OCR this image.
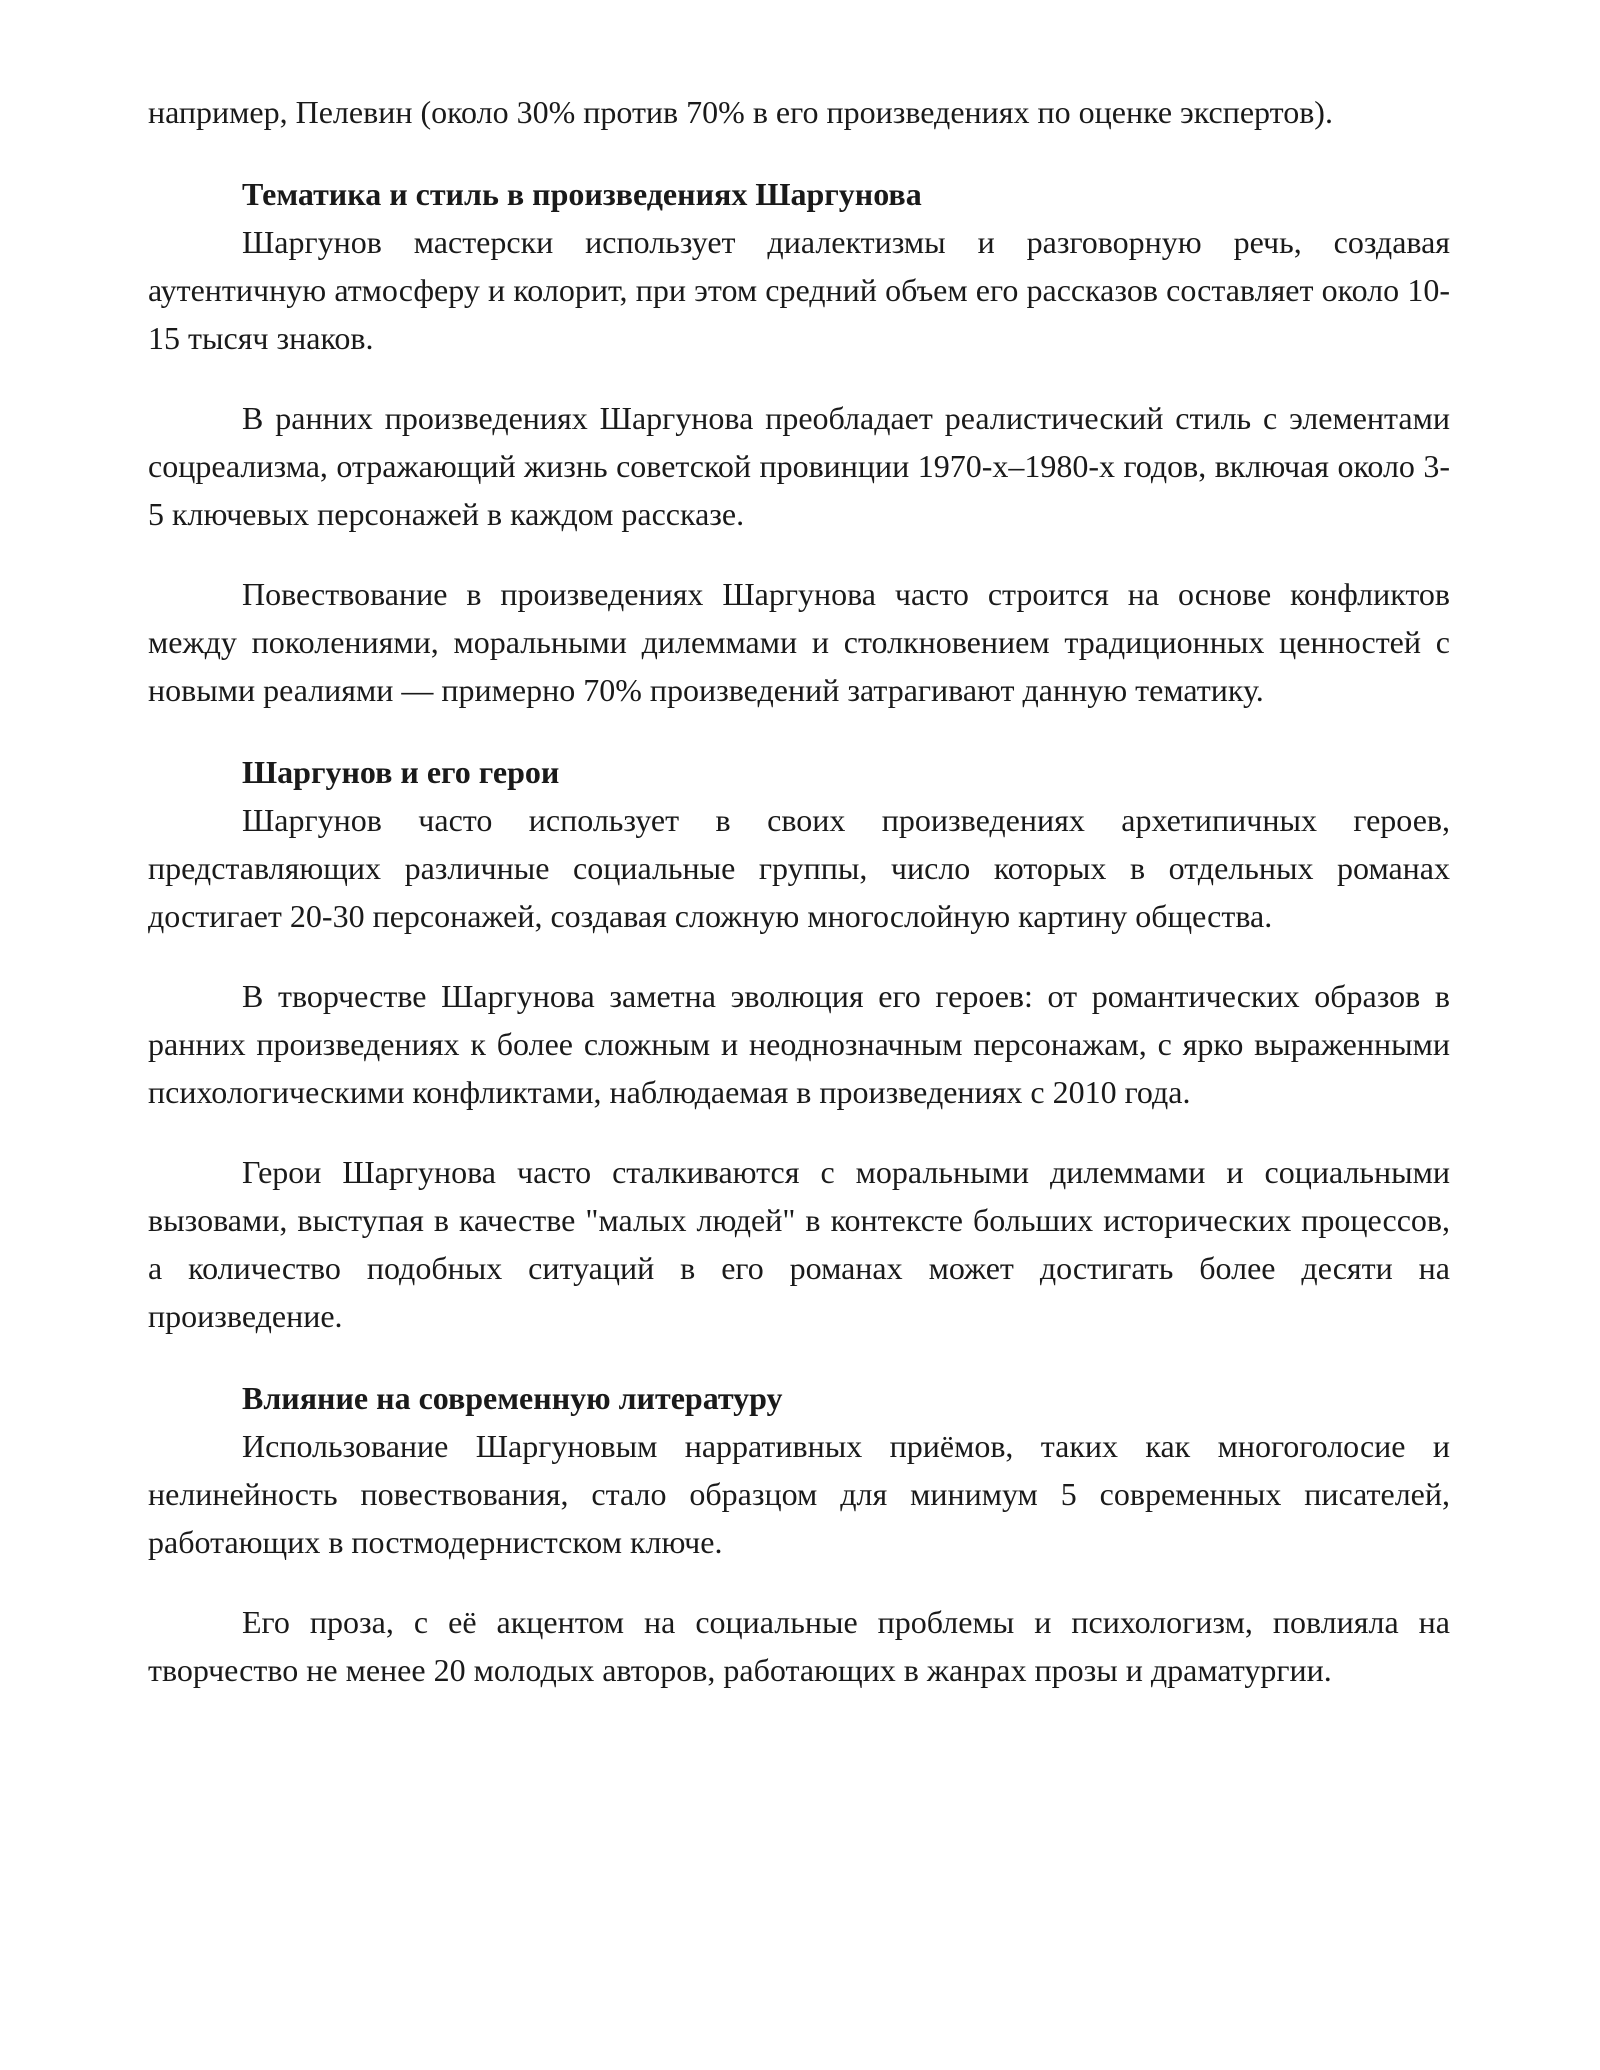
например, Пелевин (около 30% против 70% в его произведениях по оценке экспертов).

Тематика и стиль в произведениях Шаргунова

Шаргунов мастерски использует диалектизмы и разговорную речь, создавая аутентичную атмосферу и колорит, при этом средний объем его рассказов составляет около 10-15 тысяч знаков.

В ранних произведениях Шаргунова преобладает реалистический стиль с элементами соцреализма, отражающий жизнь советской провинции 1970-х–1980-х годов, включая около 3-5 ключевых персонажей в каждом рассказе.

Повествование в произведениях Шаргунова часто строится на основе конфликтов между поколениями, моральными дилеммами и столкновением традиционных ценностей с новыми реалиями — примерно 70% произведений затрагивают данную тематику.

Шаргунов и его герои

Шаргунов часто использует в своих произведениях архетипичных героев, представляющих различные социальные группы, число которых в отдельных романах достигает 20-30 персонажей, создавая сложную многослойную картину общества.

В творчестве Шаргунова заметна эволюция его героев: от романтических образов в ранних произведениях к более сложным и неоднозначным персонажам, с ярко выраженными психологическими конфликтами, наблюдаемая в произведениях с 2010 года.

Герои Шаргунова часто сталкиваются с моральными дилеммами и социальными вызовами, выступая в качестве "малых людей" в контексте больших исторических процессов, а количество подобных ситуаций в его романах может достигать более десяти на произведение.

Влияние на современную литературу

Использование Шаргуновым нарративных приёмов, таких как многоголосие и нелинейность повествования, стало образцом для минимум 5 современных писателей, работающих в постмодернистском ключе.

Его проза, с её акцентом на социальные проблемы и психологизм, повлияла на творчество не менее 20 молодых авторов, работающих в жанрах прозы и драматургии.
